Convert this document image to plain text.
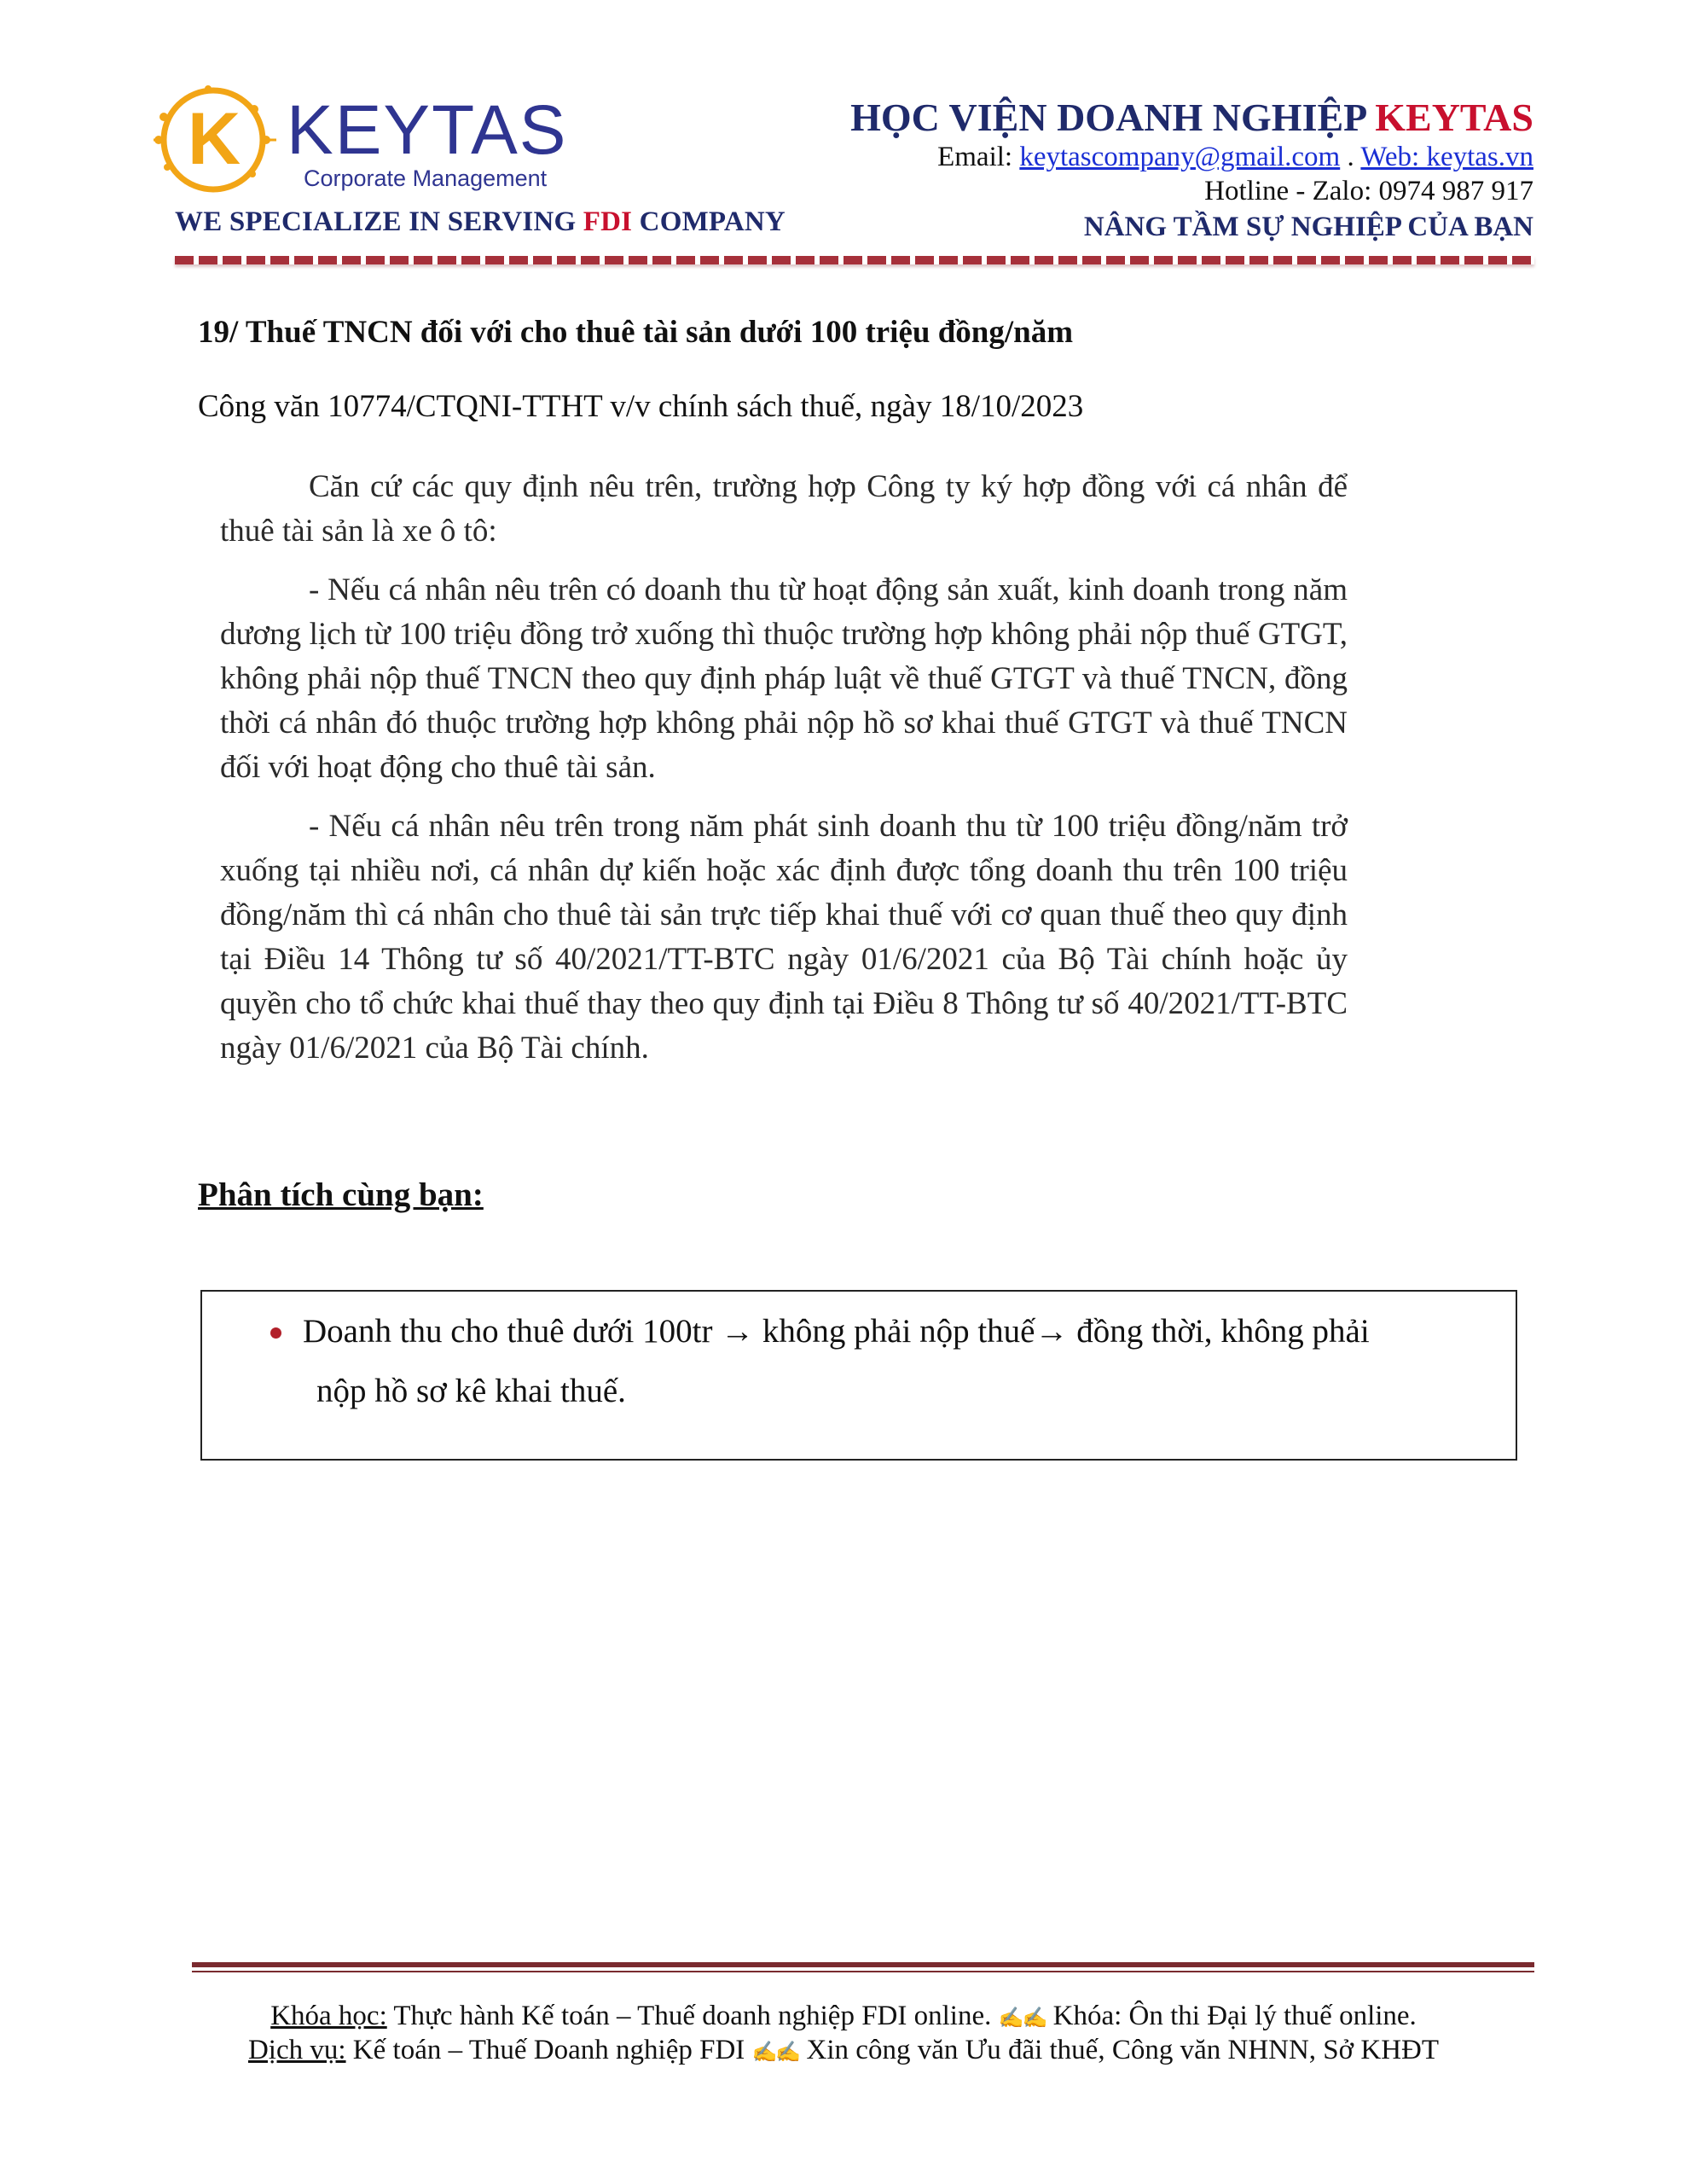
K KEYTAS
Corporate Management
WE SPECIALIZE IN SERVING FDI COMPANY
HỌC VIỆN DOANH NGHIỆP KEYTAS
Email: keytascompany@gmail.com . Web: keytas.vn
Hotline - Zalo: 0974 987 917
NÂNG TẦM SỰ NGHIỆP CỦA BẠN
19/ Thuế TNCN đối với cho thuê tài sản dưới 100 triệu đồng/năm
Công văn 10774/CTQNI-TTHT v/v chính sách thuế, ngày 18/10/2023

Căn cứ các quy định nêu trên, trường hợp Công ty ký hợp đồng với cá nhân để thuê tài sản là xe ô tô:

- Nếu cá nhân nêu trên có doanh thu từ hoạt động sản xuất, kinh doanh trong năm dương lịch từ 100 triệu đồng trở xuống thì thuộc trường hợp không phải nộp thuế GTGT, không phải nộp thuế TNCN theo quy định pháp luật về thuế GTGT và thuế TNCN, đồng thời cá nhân đó thuộc trường hợp không phải nộp hồ sơ khai thuế GTGT và thuế TNCN đối với hoạt động cho thuê tài sản.

- Nếu cá nhân nêu trên trong năm phát sinh doanh thu từ 100 triệu đồng/năm trở xuống tại nhiều nơi, cá nhân dự kiến hoặc xác định được tổng doanh thu trên 100 triệu đồng/năm thì cá nhân cho thuê tài sản trực tiếp khai thuế với cơ quan thuế theo quy định tại Điều 14 Thông tư số 40/2021/TT-BTC ngày 01/6/2021 của Bộ Tài chính hoặc ủy quyền cho tổ chức khai thuế thay theo quy định tại Điều 8 Thông tư số 40/2021/TT-BTC ngày 01/6/2021 của Bộ Tài chính.

Phân tích cùng bạn:
Doanh thu cho thuê dưới 100tr → không phải nộp thuế→ đồng thời, không phải
nộp hồ sơ kê khai thuế.
Khóa học: Thực hành Kế toán – Thuế doanh nghiệp FDI online. ✍✍ Khóa: Ôn thi Đại lý thuế online.
Dịch vụ: Kế toán – Thuế Doanh nghiệp FDI ✍✍ Xin công văn Ưu đãi thuế, Công văn NHNN, Sở KHĐT
